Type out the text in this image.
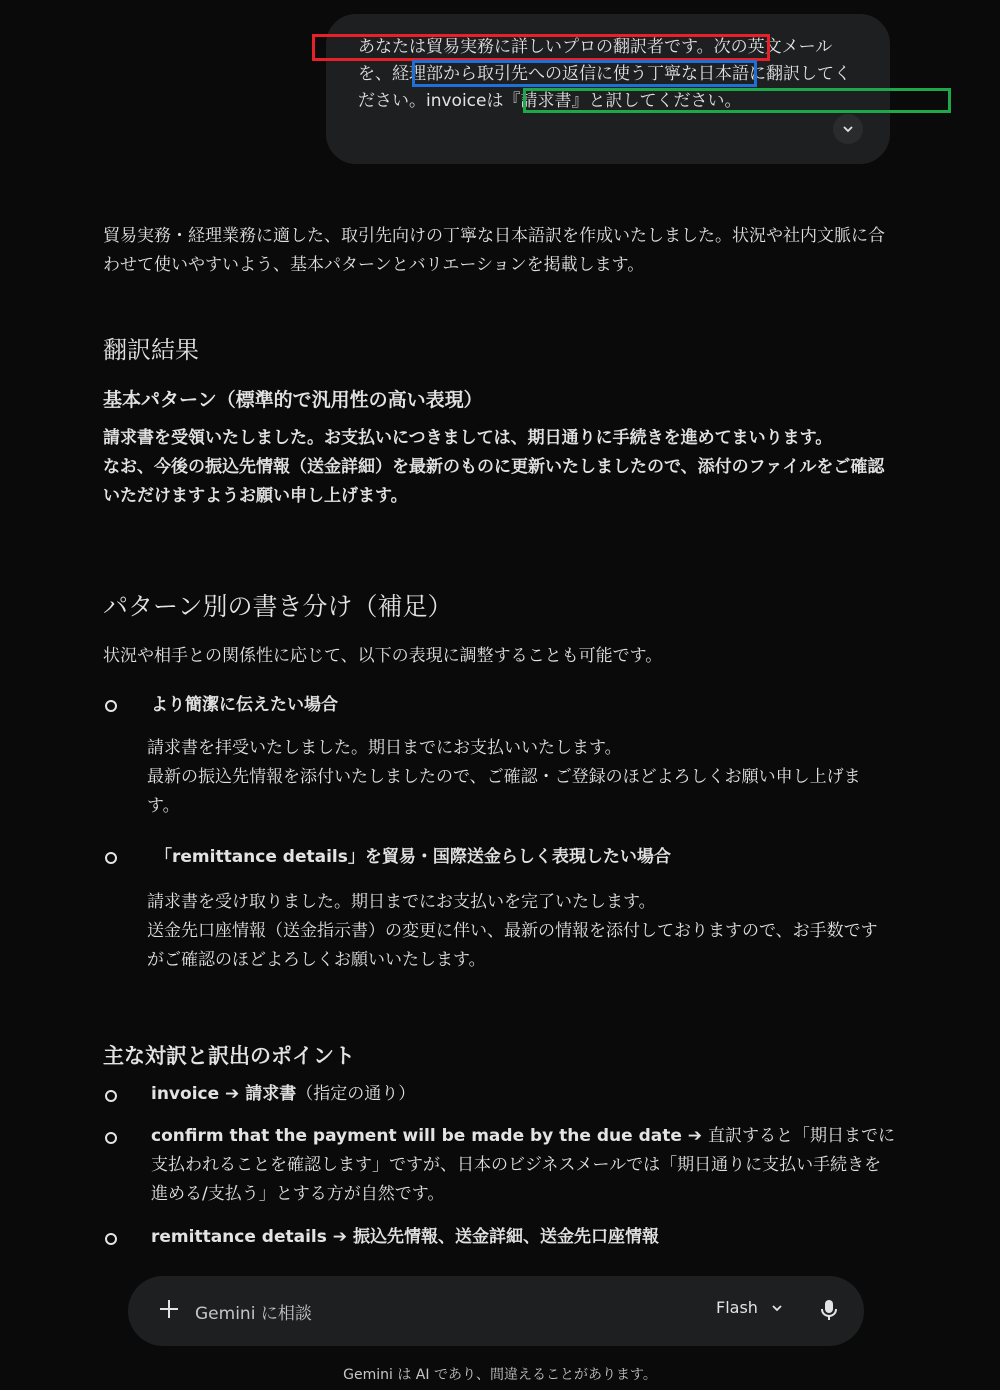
あなたは貿易実務に詳しいプロの翻訳者です。次の英文メールを、経理部から取引先への返信に使う丁寧な日本語に翻訳してください。invoiceは『請求書』と訳してください。

貿易実務・経理業務に適した、取引先向けの丁寧な日本語訳を作成いたしました。状況や社内文脈に合わせて使いやすいよう、基本パターンとバリエーションを掲載します。

翻訳結果
基本パターン（標準的で汎用性の高い表現）
請求書を受領いたしました。お支払いにつきましては、期日通りに手続きを進めてまいります。
なお、今後の振込先情報（送金詳細）を最新のものに更新いたしましたので、添付のファイルをご確認いただけますようお願い申し上げます。
パターン別の書き分け（補足）

状況や相手との関係性に応じて、以下の表現に調整することも可能です。

より簡潔に伝えたい場合
請求書を拝受いたしました。期日までにお支払いいたします。
最新の振込先情報を添付いたしましたので、ご確認・ご登録のほどよろしくお願い申し上げます。
「remittance details」を貿易・国際送金らしく表現したい場合
請求書を受け取りました。期日までにお支払いを完了いたします。
送金先口座情報（送金指示書）の変更に伴い、最新の情報を添付しておりますので、お手数ですがご確認のほどよろしくお願いいたします。
主な対訳と訳出のポイント
invoice ➔ 請求書（指定の通り）
confirm that the payment will be made by the due date ➔ 直訳すると「期日までに支払われることを確認します」ですが、日本のビジネスメールでは「期日通りに支払い手続きを進める/支払う」とする方が自然です。
remittance details ➔ 振込先情報、送金詳細、送金先口座情報
Gemini に相談	Flash
Gemini は AI であり、間違えることがあります。
